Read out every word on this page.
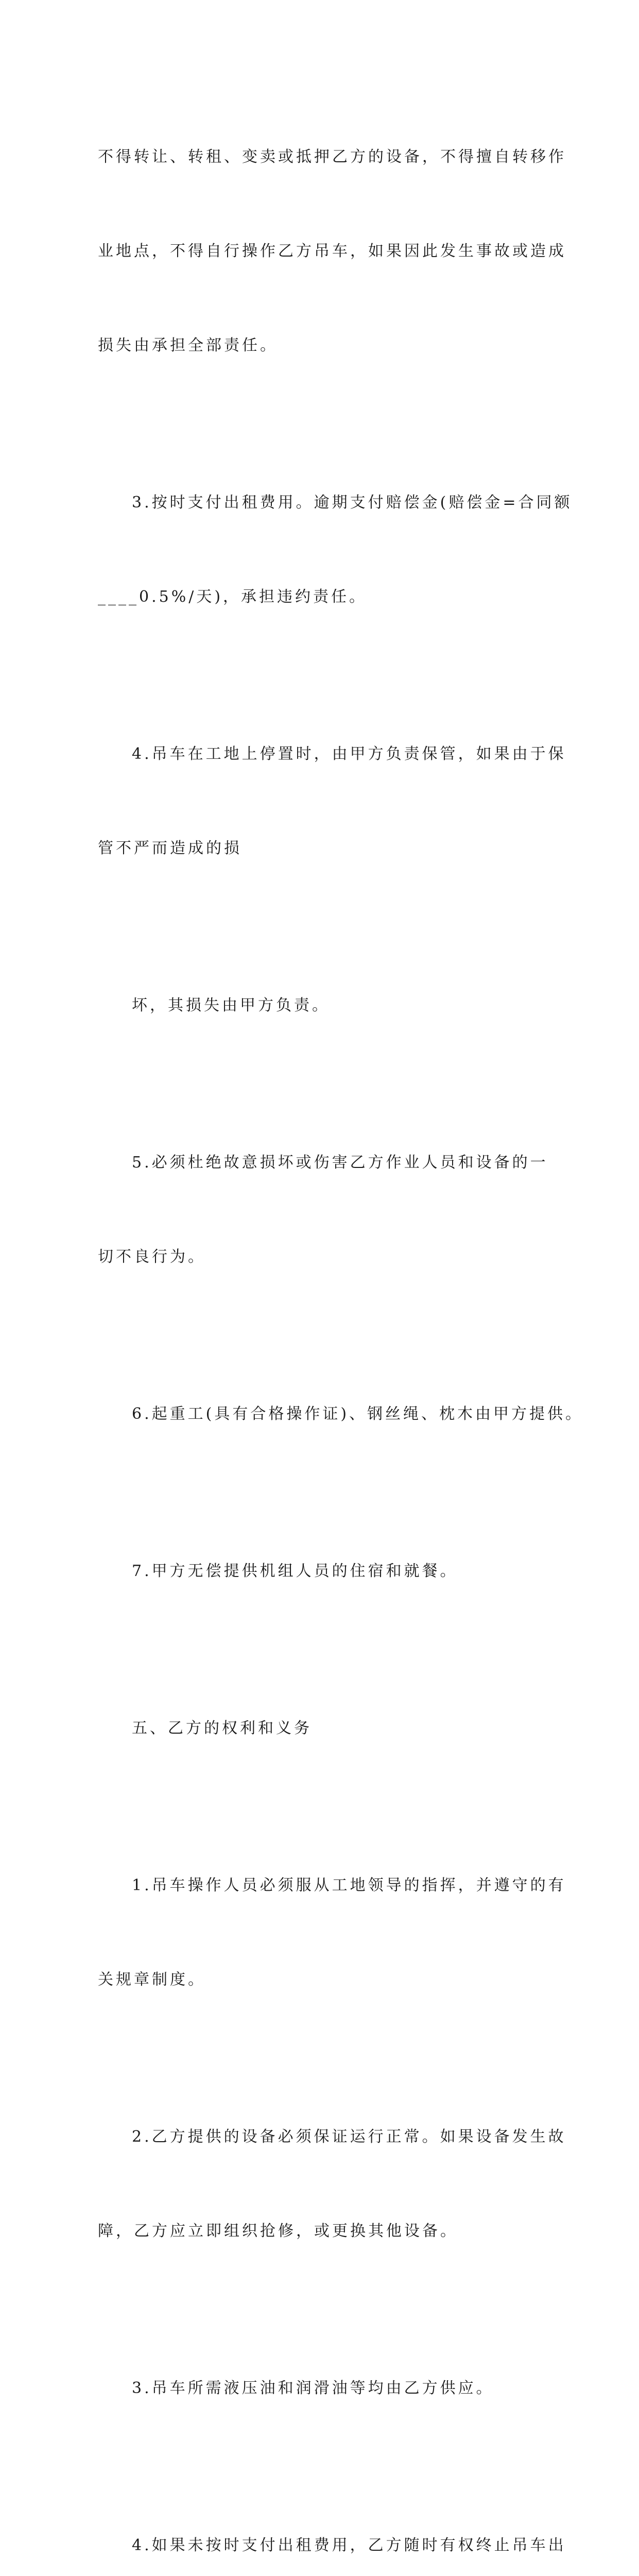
不得转让、转租、变卖或抵押乙方的设备，不得擅自转移作

业地点，不得自行操作乙方吊车，如果因此发生事故或造成

损失由承担全部责任。

3.按时支付出租费用。逾期支付赔偿金(赔偿金=合同额

____0.5%/天)，承担违约责任。

4.吊车在工地上停置时，由甲方负责保管，如果由于保

管不严而造成的损

坏，其损失由甲方负责。

5.必须杜绝故意损坏或伤害乙方作业人员和设备的一

切不良行为。

6.起重工(具有合格操作证)、钢丝绳、枕木由甲方提供。

7.甲方无偿提供机组人员的住宿和就餐。

五、乙方的权利和义务

1.吊车操作人员必须服从工地领导的指挥，并遵守的有

关规章制度。

2.乙方提供的设备必须保证运行正常。如果设备发生故

障，乙方应立即组织抢修，或更换其他设备。

3.吊车所需液压油和润滑油等均由乙方供应。

4.如果未按时支付出租费用，乙方随时有权终止吊车出
